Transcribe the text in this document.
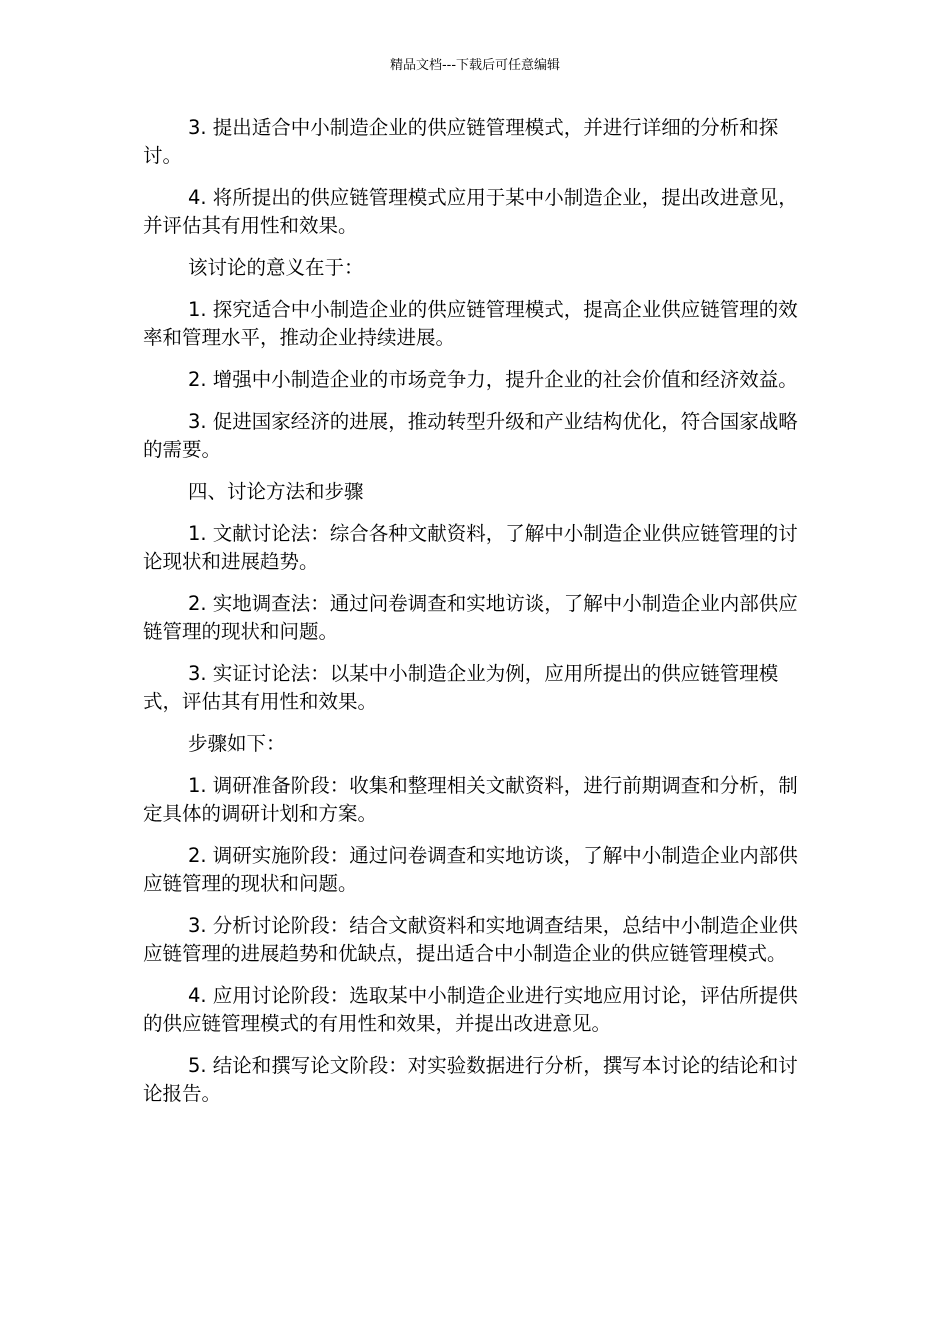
精品文档---下载后可任意编辑

3. 提出适合中小制造企业的供应链管理模式，并进行详细的分析和探讨。

4. 将所提出的供应链管理模式应用于某中小制造企业，提出改进意见，并评估其有用性和效果。

该讨论的意义在于：

1. 探究适合中小制造企业的供应链管理模式，提高企业供应链管理的效率和管理水平，推动企业持续进展。

2. 增强中小制造企业的市场竞争力，提升企业的社会价值和经济效益。

3. 促进国家经济的进展，推动转型升级和产业结构优化，符合国家战略的需要。

四、讨论方法和步骤

1. 文献讨论法：综合各种文献资料，了解中小制造企业供应链管理的讨论现状和进展趋势。

2. 实地调查法：通过问卷调查和实地访谈，了解中小制造企业内部供应链管理的现状和问题。

3. 实证讨论法：以某中小制造企业为例，应用所提出的供应链管理模式，评估其有用性和效果。

步骤如下：

1. 调研准备阶段：收集和整理相关文献资料，进行前期调查和分析，制定具体的调研计划和方案。

2. 调研实施阶段：通过问卷调查和实地访谈，了解中小制造企业内部供应链管理的现状和问题。

3. 分析讨论阶段：结合文献资料和实地调查结果，总结中小制造企业供应链管理的进展趋势和优缺点，提出适合中小制造企业的供应链管理模式。

4. 应用讨论阶段：选取某中小制造企业进行实地应用讨论，评估所提供的供应链管理模式的有用性和效果，并提出改进意见。

5. 结论和撰写论文阶段：对实验数据进行分析，撰写本讨论的结论和讨论报告。
